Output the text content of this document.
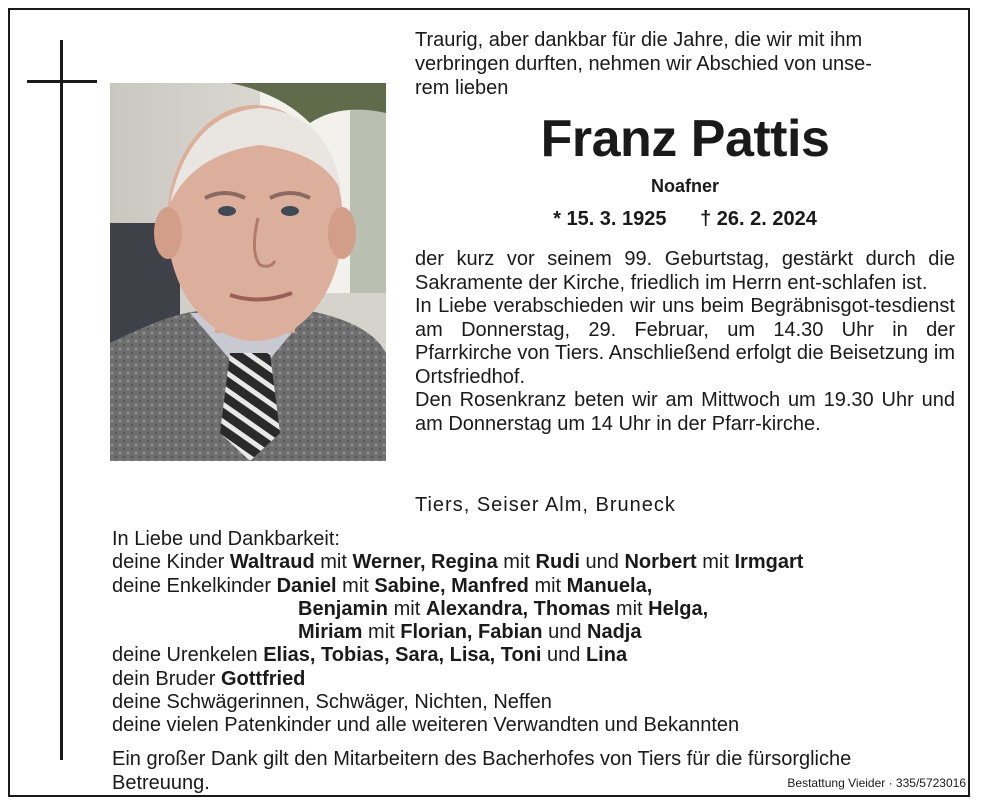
Traurig, aber dankbar für die Jahre, die wir mit ihm
verbringen durften, nehmen wir Abschied von unse-
rem lieben
Franz Pattis
Noafner
* 15. 3. 1925 † 26. 2. 2024

der kurz vor seinem 99. Geburtstag, gestärkt durch die Sakramente der Kirche, friedlich im Herrn ent-schlafen ist.

In Liebe verabschieden wir uns beim Begräbnisgot-tesdienst am Donnerstag, 29. Februar, um 14.30 Uhr in der Pfarrkirche von Tiers. Anschließend erfolgt die Beisetzung im Ortsfriedhof.

Den Rosenkranz beten wir am Mittwoch um 19.30 Uhr und am Donnerstag um 14 Uhr in der Pfarr-kirche.

Tiers, Seiser Alm, Bruneck
In Liebe und Dankbarkeit:
deine Kinder Waltraud mit Werner, Regina mit Rudi und Norbert mit Irmgart
deine Enkelkinder Daniel mit Sabine, Manfred mit Manuela,
Benjamin mit Alexandra, Thomas mit Helga,
Miriam mit Florian, Fabian und Nadja
deine Urenkelen Elias, Tobias, Sara, Lisa, Toni und Lina
dein Bruder Gottfried
deine Schwägerinnen, Schwäger, Nichten, Neffen
deine vielen Patenkinder und alle weiteren Verwandten und Bekannten
Ein großer Dank gilt den Mitarbeitern des Bacherhofes von Tiers für die fürsorgliche
Betreuung.	Bestattung Vieider · 335/5723016
